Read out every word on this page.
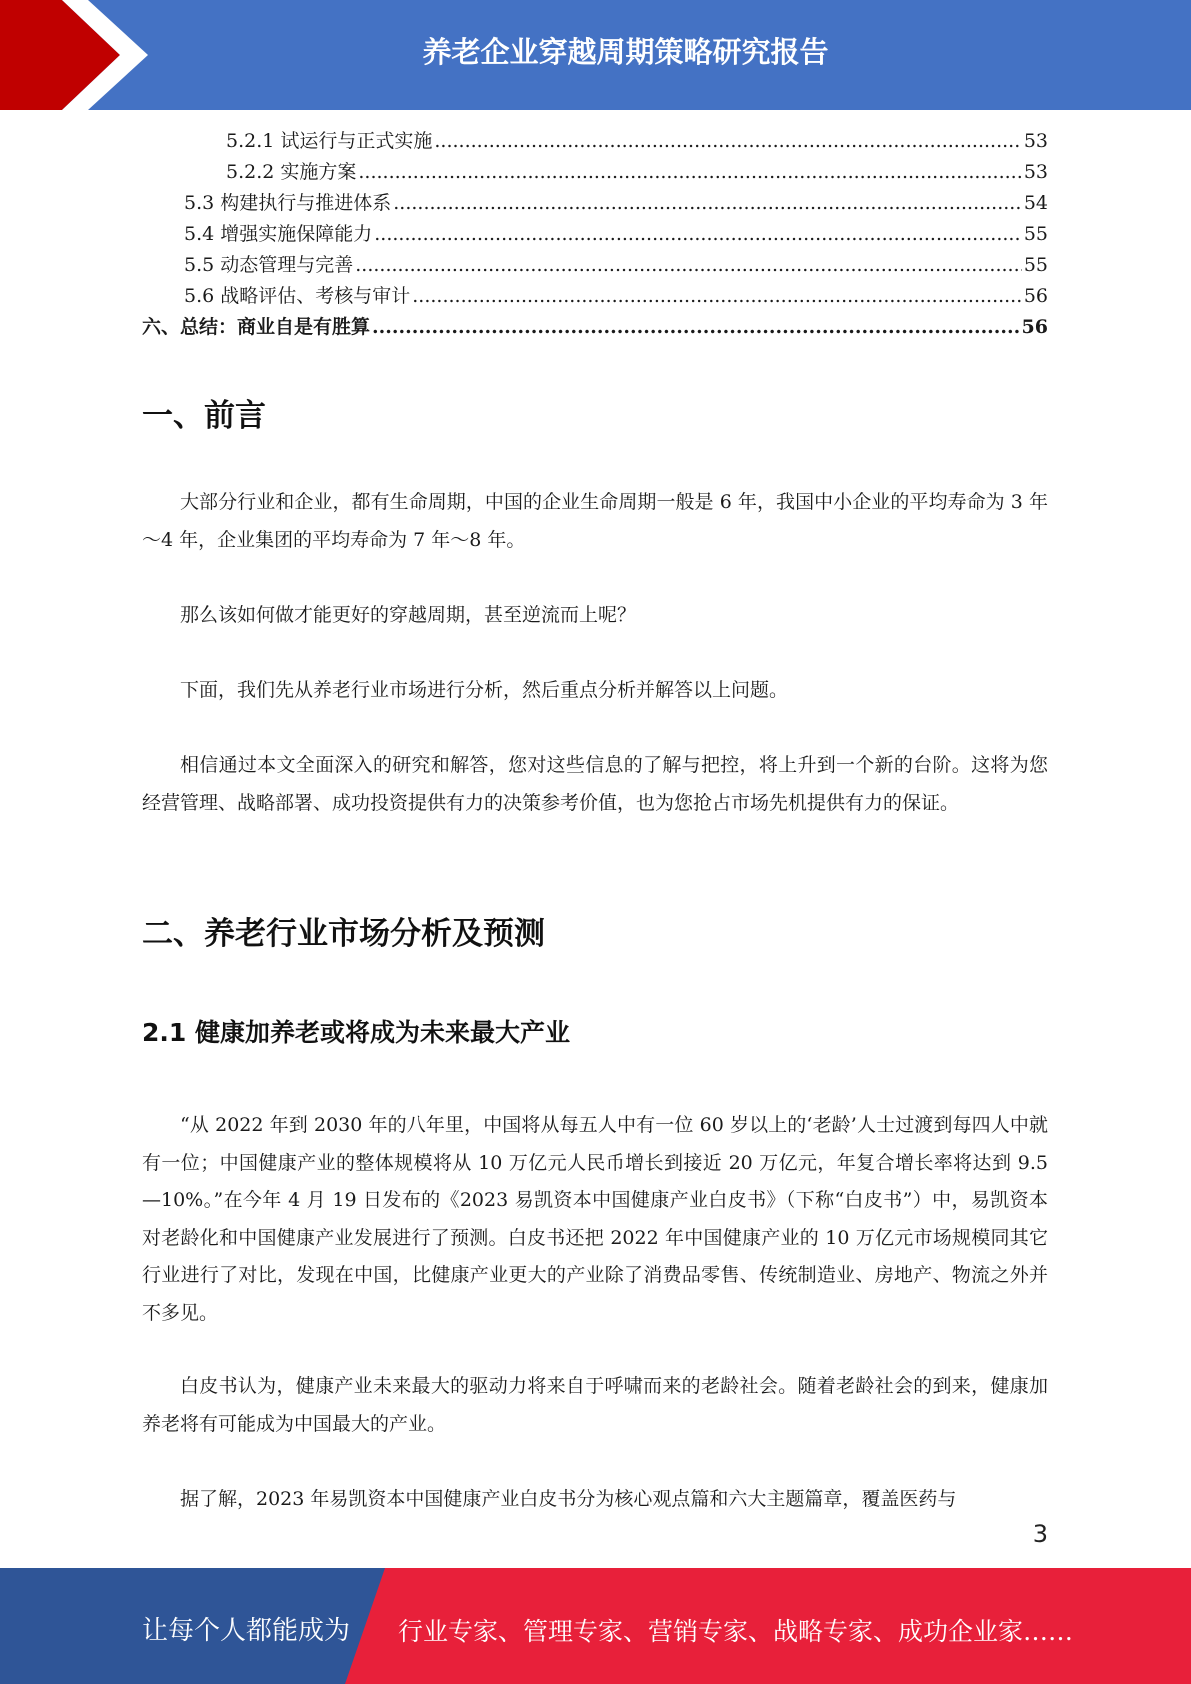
养老企业穿越周期策略研究报告
5.2.1 试运行与正式实施 .....	53
5.2.2 实施方案 .....	53
5.3 构建执行与推进体系 .....	54
5.4 增强实施保障能力 .....	55
5.5 动态管理与完善 .....	55
5.6 战略评估、考核与审计 .....	56
六、总结：商业自是有胜算 .....	56
一、前言

大部分行业和企业，都有生命周期，中国的企业生命周期一般是 6 年，我国中小企业的平均寿命为 3 年～4 年，企业集团的平均寿命为 7 年～8 年。

那么该如何做才能更好的穿越周期，甚至逆流而上呢？

下面，我们先从养老行业市场进行分析，然后重点分析并解答以上问题。

相信通过本文全面深入的研究和解答，您对这些信息的了解与把控，将上升到一个新的台阶。这将为您经营管理、战略部署、成功投资提供有力的决策参考价值，也为您抢占市场先机提供有力的保证。

二、养老行业市场分析及预测
2.1 健康加养老或将成为未来最大产业

“从 2022 年到 2030 年的八年里，中国将从每五人中有一位 60 岁以上的‘老龄’人士过渡到每四人中就有一位；中国健康产业的整体规模将从 10 万亿元人民币增长到接近 20 万亿元，年复合增长率将达到 9.5—10%。”在今年 4 月 19 日发布的《2023 易凯资本中国健康产业白皮书》（下称“白皮书”）中，易凯资本对老龄化和中国健康产业发展进行了预测。白皮书还把 2022 年中国健康产业的 10 万亿元市场规模同其它行业进行了对比，发现在中国，比健康产业更大的产业除了消费品零售、传统制造业、房地产、物流之外并不多见。

白皮书认为，健康产业未来最大的驱动力将来自于呼啸而来的老龄社会。随着老龄社会的到来，健康加养老将有可能成为中国最大的产业。

据了解，2023 年易凯资本中国健康产业白皮书分为核心观点篇和六大主题篇章，覆盖医药与

3
让每个人都能成为 行业专家、管理专家、营销专家、战略专家、成功企业家……
